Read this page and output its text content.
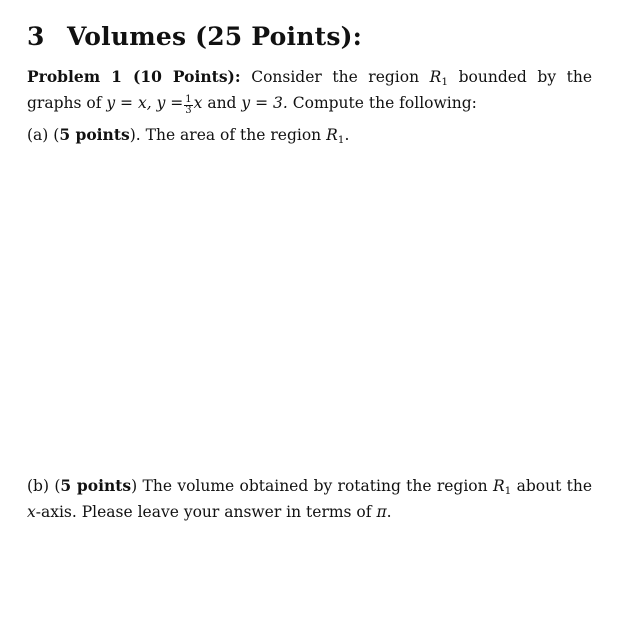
3 Volumes (25 Points):

Problem 1 (10 Points): Consider the region $R_1$ bounded by the graphs of y = x, $y = \frac{1}{3}$ x and y = 3. Compute the following:

(a) (5 points). The area of the region $R_1$.
(b) (5 points) The volume obtained by rotating the region $R_1$ about the x-axis. Please leave your answer in terms of π.
